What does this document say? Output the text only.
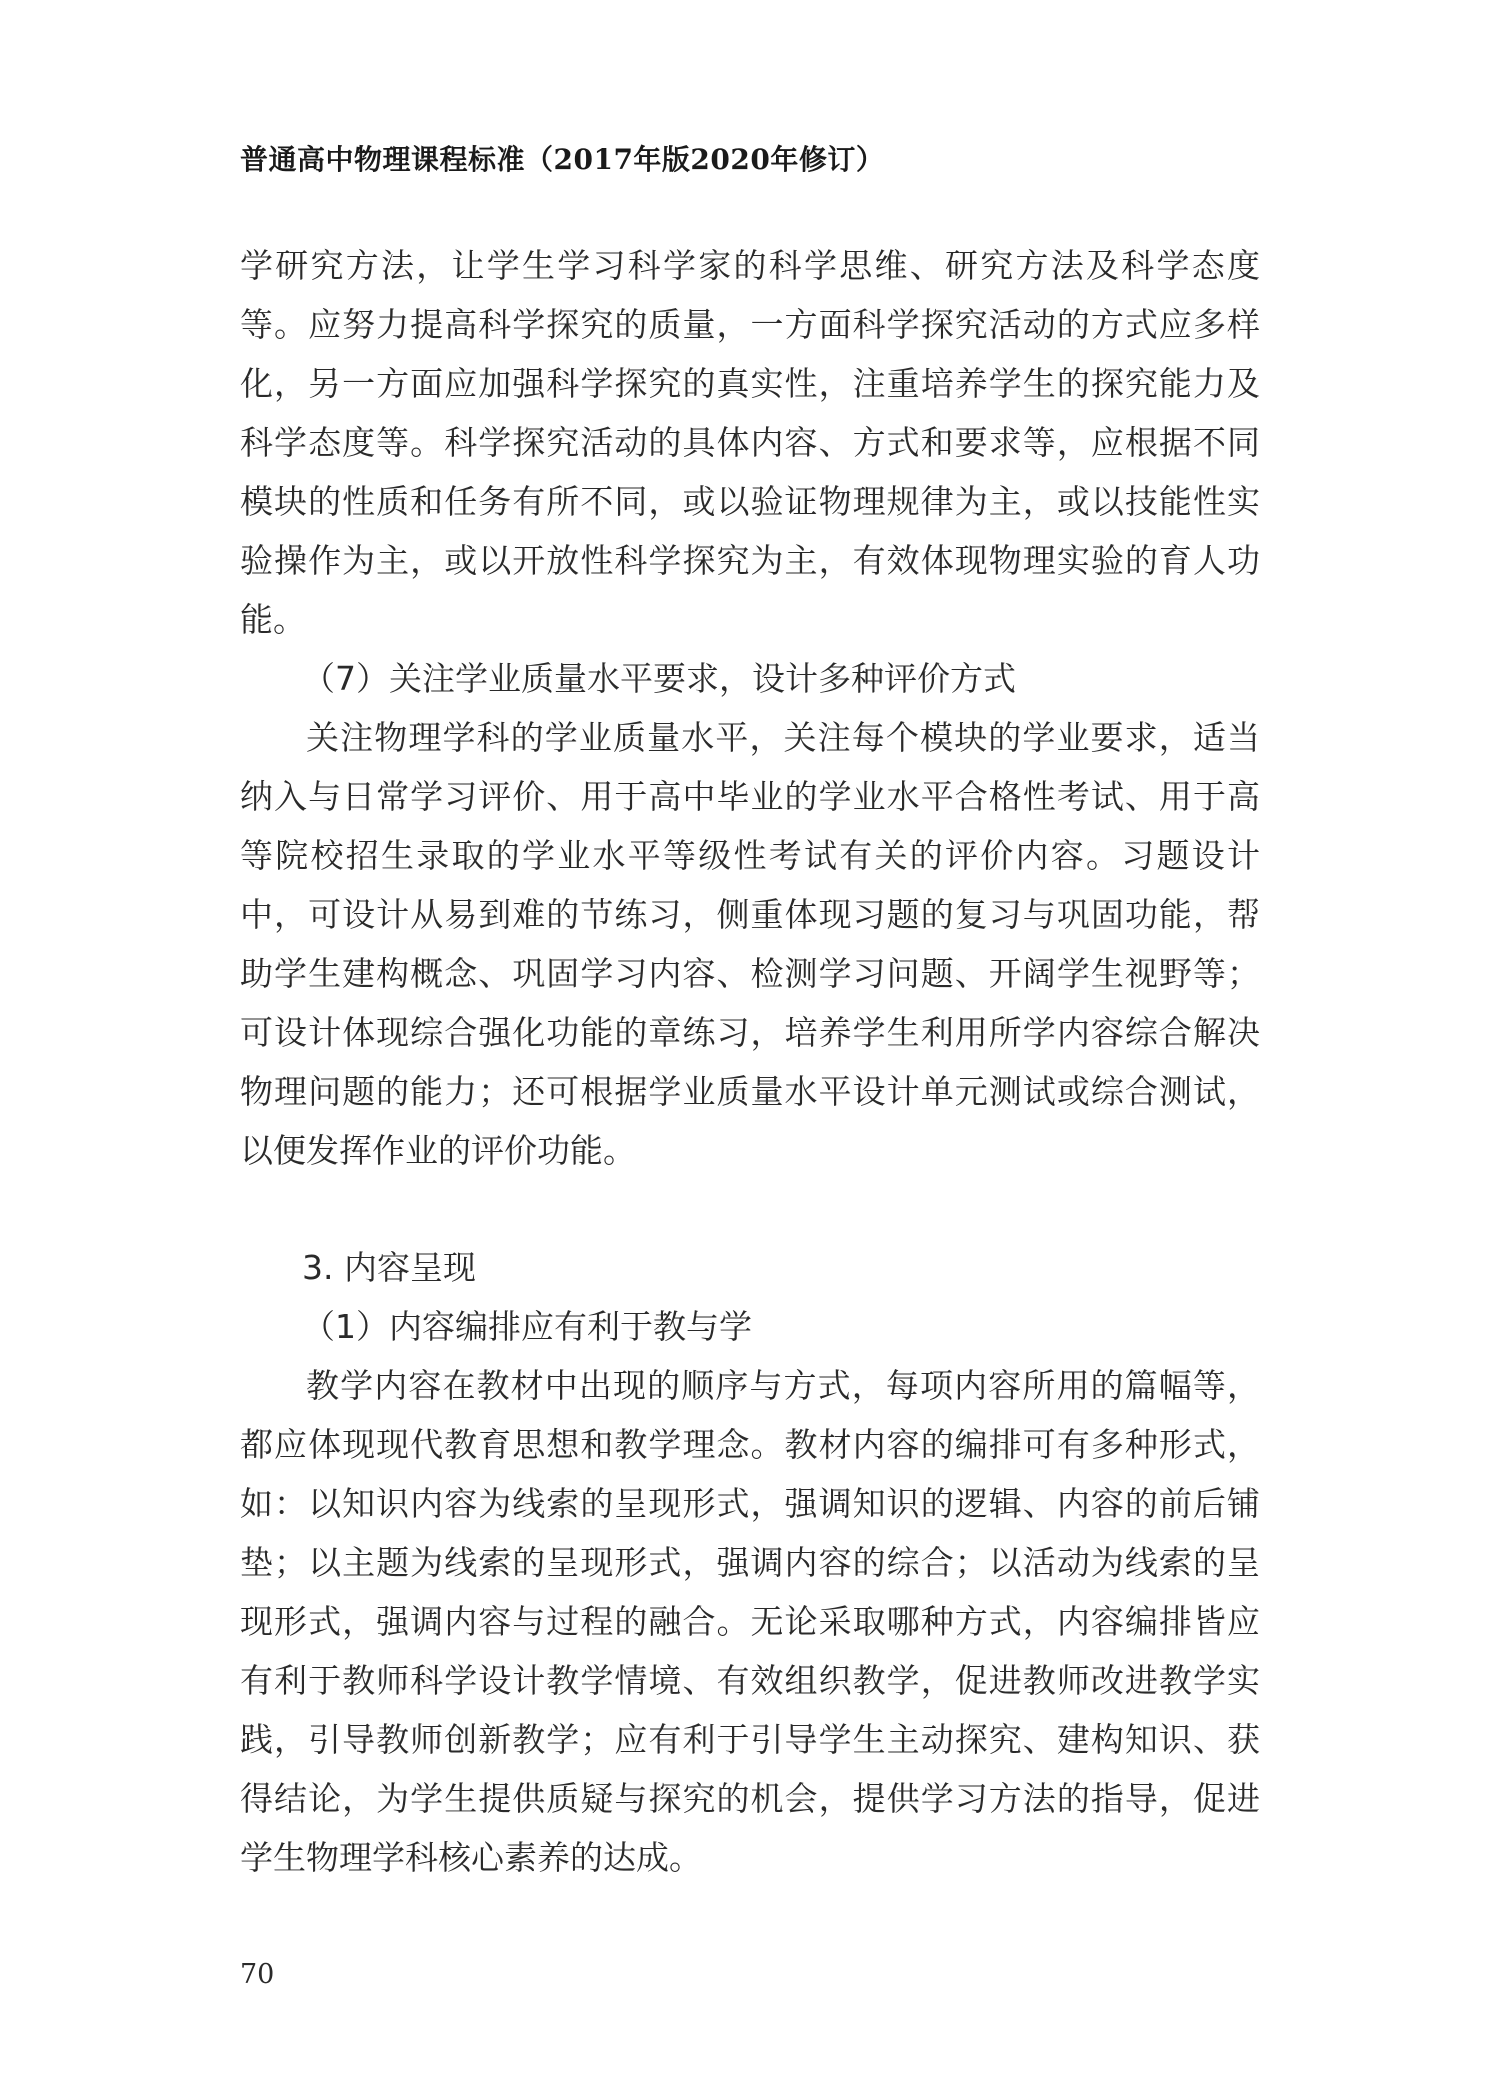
普通高中物理课程标准（2017年版2020年修订）

学研究方法，让学生学习科学家的科学思维、研究方法及科学态度等。应努力提高科学探究的质量，一方面科学探究活动的方式应多样化，另一方面应加强科学探究的真实性，注重培养学生的探究能力及科学态度等。科学探究活动的具体内容、方式和要求等，应根据不同模块的性质和任务有所不同，或以验证物理规律为主，或以技能性实验操作为主，或以开放性科学探究为主，有效体现物理实验的育人功能。

（7）关注学业质量水平要求，设计多种评价方式

关注物理学科的学业质量水平，关注每个模块的学业要求，适当纳入与日常学习评价、用于高中毕业的学业水平合格性考试、用于高等院校招生录取的学业水平等级性考试有关的评价内容。习题设计中，可设计从易到难的节练习，侧重体现习题的复习与巩固功能，帮助学生建构概念、巩固学习内容、检测学习问题、开阔学生视野等；可设计体现综合强化功能的章练习，培养学生利用所学内容综合解决物理问题的能力；还可根据学业质量水平设计单元测试或综合测试，以便发挥作业的评价功能。

3. 内容呈现

（1）内容编排应有利于教与学

教学内容在教材中出现的顺序与方式，每项内容所用的篇幅等，都应体现现代教育思想和教学理念。教材内容的编排可有多种形式，如：以知识内容为线索的呈现形式，强调知识的逻辑、内容的前后铺垫；以主题为线索的呈现形式，强调内容的综合；以活动为线索的呈现形式，强调内容与过程的融合。无论采取哪种方式，内容编排皆应有利于教师科学设计教学情境、有效组织教学，促进教师改进教学实践，引导教师创新教学；应有利于引导学生主动探究、建构知识、获得结论，为学生提供质疑与探究的机会，提供学习方法的指导，促进学生物理学科核心素养的达成。

70
